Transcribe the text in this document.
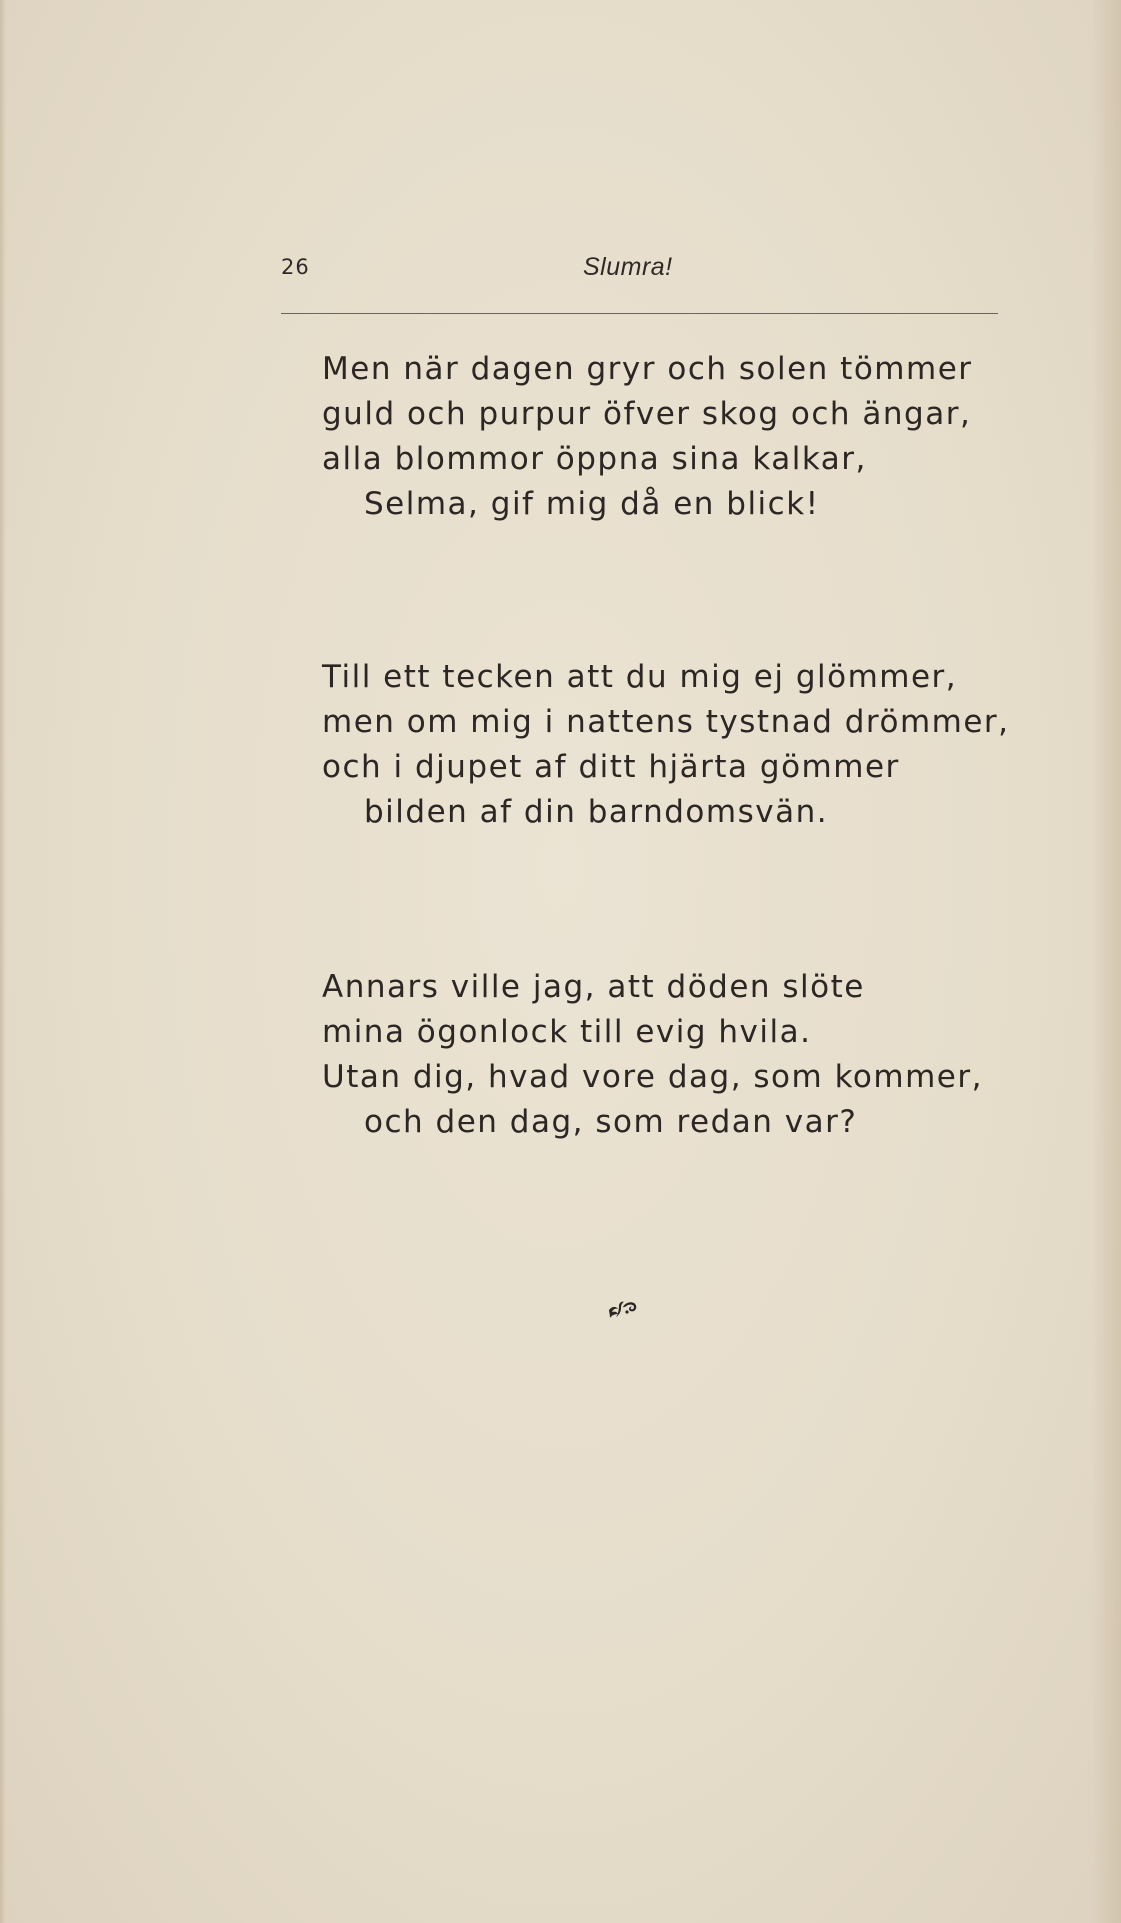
26	Slumra!
Men när dagen gryr och solen tömmer
guld och purpur öfver skog och ängar,
alla blommor öppna sina kalkar,
Selma, gif mig då en blick!
Till ett tecken att du mig ej glömmer,
men om mig i nattens tystnad drömmer,
och i djupet af ditt hjärta gömmer
bilden af din barndomsvän.
Annars ville jag, att döden slöte
mina ögonlock till evig hvila.
Utan dig, hvad vore dag, som kommer,
och den dag, som redan var?
